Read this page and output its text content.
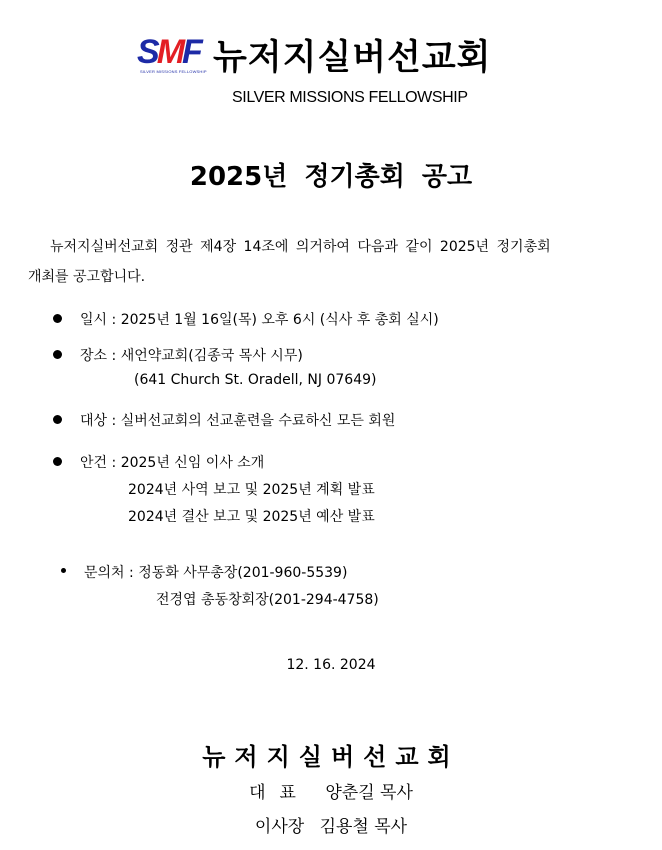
SMF
SILVER MISSIONS FELLOWSHIP 뉴저지실버선교회
SILVER MISSIONS FELLOWSHIP
2025년 정기총회 공고
뉴저지실버선교회 정관 제4장 14조에 의거하여 다음과 같이 2025년 정기총회
개최를 공고합니다.
일시 : 2025년 1월 16일(목) 오후 6시 (식사 후 총회 실시)
장소 : 새언약교회(김종국 목사 시무)
(641 Church St. Oradell, NJ 07649)
대상 : 실버선교회의 선교훈련을 수료하신 모든 회원
안건 : 2025년 신임 이사 소개
2024년 사역 보고 및 2025년 계획 발표
2024년 결산 보고 및 2025년 예산 발표
문의처 : 정동화 사무총장(201-960-5539)
전경엽 총동창회장(201-294-4758)
12. 16. 2024
뉴저지실버선교회
대표 양춘길 목사
이사장 김용철 목사
